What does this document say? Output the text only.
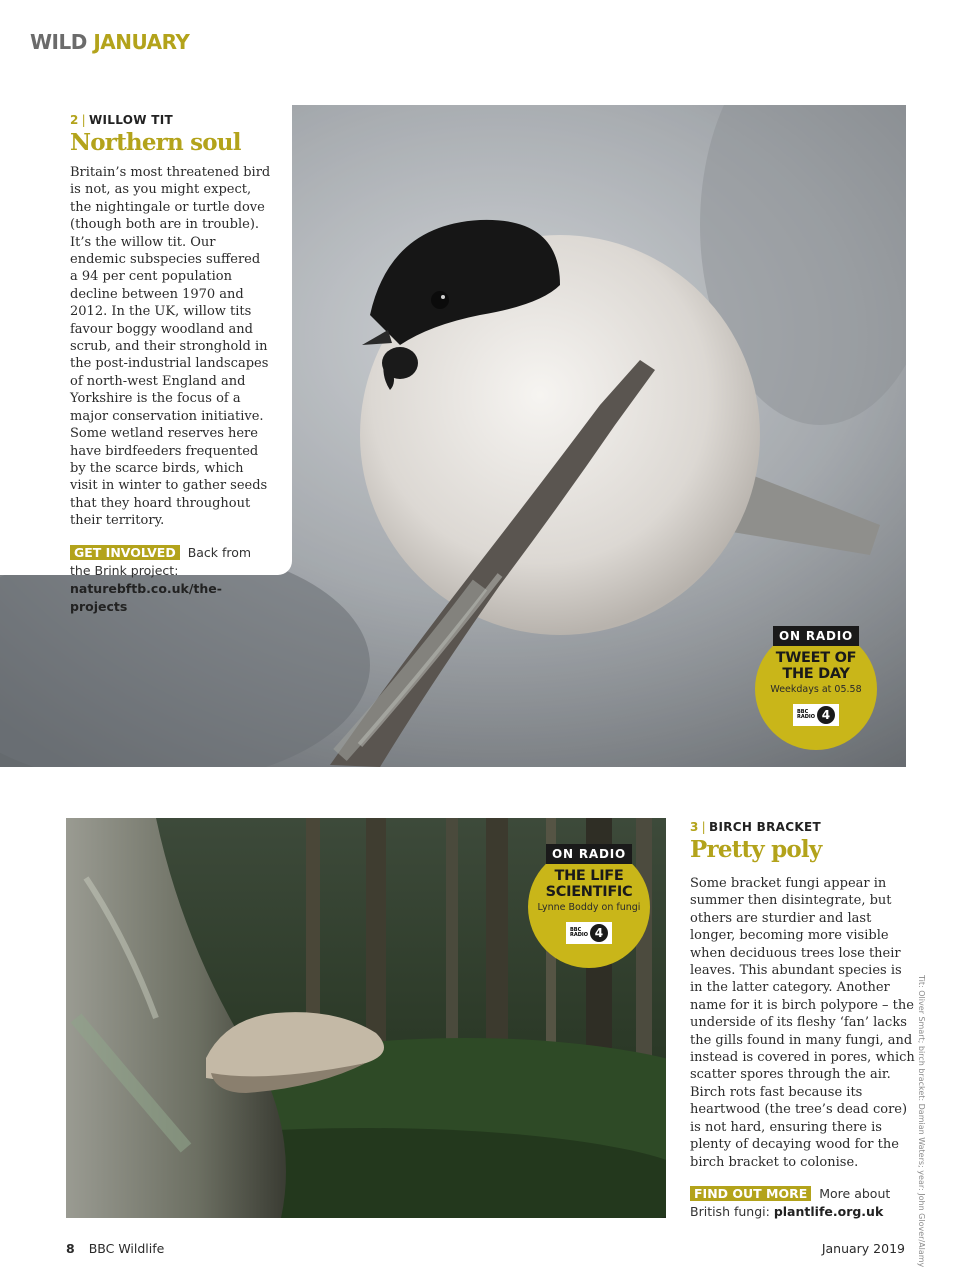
WILD JANUARY
2 | WILLOW TIT
Northern soul
Britain’s most threatened bird is not, as you might expect, the nightingale or turtle dove (though both are in trouble). It’s the willow tit. Our endemic subspecies suffered a 94 per cent population decline between 1970 and 2012. In the UK, willow tits favour boggy woodland and scrub, and their stronghold in the post-industrial landscapes of north-west England and Yorkshire is the focus of a major conservation initiative. Some wetland reserves here have birdfeeders frequented by the scarce birds, which visit in winter to gather seeds that they hoard throughout their territory.
GET INVOLVED Back from the Brink project: naturebftb.co.uk/the-projects
ON RADIO
TWEET OF
THE DAY
Weekdays at 05.58
BBC
RADIO 4
ON RADIO
THE LIFE
SCIENTIFIC
Lynne Boddy on fungi
BBC
RADIO 4
3 | BIRCH BRACKET
Pretty poly
Some bracket fungi appear in summer then disintegrate, but others are sturdier and last longer, becoming more visible when deciduous trees lose their leaves. This abundant species is in the latter category. Another name for it is birch polypore – the underside of its fleshy ‘fan’ lacks the gills found in many fungi, and instead is covered in pores, which scatter spores through the air. Birch rots fast because its heartwood (the tree’s dead core) is not hard, ensuring there is plenty of decaying wood for the birch bracket to colonise.
FIND OUT MORE More about British fungi: plantlife.org.uk	Tit: Oliver Smart; birch bracket: Damian Waters; year: John Glover/Alamy
8 BBC Wildlife	January 2019
